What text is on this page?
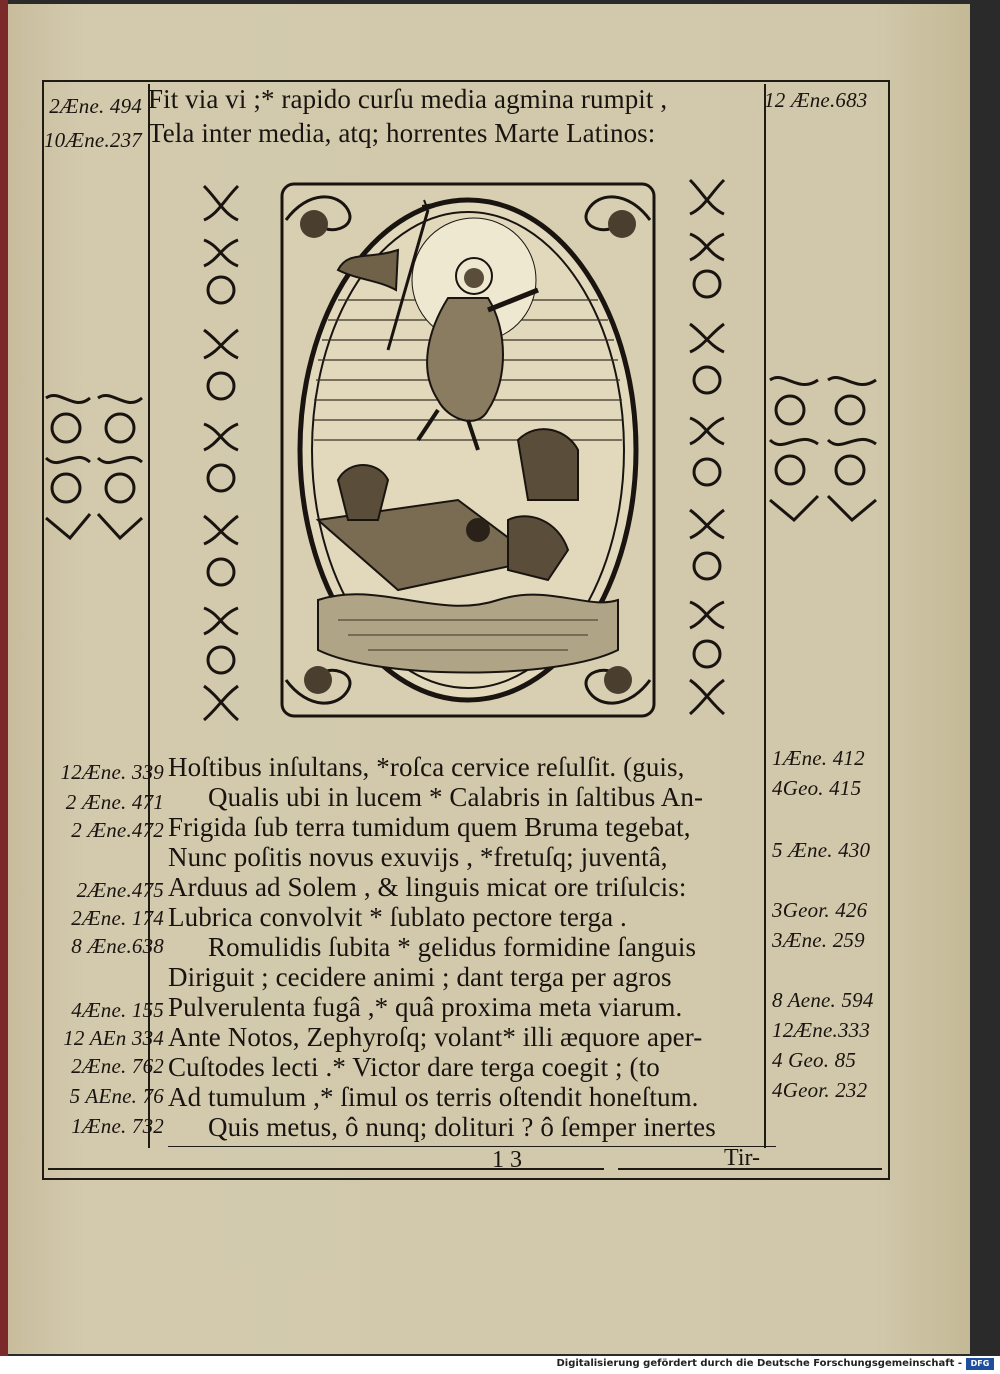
Fit via vi ;* rapido curſu media agmina rumpit ,
Tela inter media, atq; horrentes Marte Latinos:
2Æne. 494
10Æne.237
12 Æne.683
Hoſtibus inſultans, *roſca cervice reſulſit. (guis,
Qualis ubi in lucem * Calabris in ſaltibus An-
Frigida ſub terra tumidum quem Bruma tegebat,
Nunc poſitis novus exuvijs , *fretuſq; juventâ,
Arduus ad Solem , & linguis micat ore triſulcis:
Lubrica convolvit * ſublato pectore terga .
Romulidis ſubita * gelidus formidine ſanguis
Diriguit ; cecidere animi ; dant terga per agros
Pulverulenta fugâ ,* quâ proxima meta viarum.
Ante Notos, Zephyroſq; volant* illi æquore aper-
Cuſtodes lecti .* Victor dare terga coegit ; (to
Ad tumulum ,* ſimul os terris oſtendit honeſtum.
Quis metus, ô nunq; dolituri ? ô ſemper inertes
12Æne. 339
2 Æne. 471
2 Æne.472
2Æne.475
2Æne. 174
8 Æne.638
4Æne. 155
12 AEn 334
2Æne. 762
5 AEne. 76
1Æne. 732
1Æne. 412
4Geo. 415
5 Æne. 430
3Geor. 426
3Æne. 259
8 Aene. 594
12Æne.333
4 Geo. 85
4Geor. 232
1 3	Tir-
Digitalisierung gefördert durch die Deutsche Forschungsgemeinschaft -	DFG
